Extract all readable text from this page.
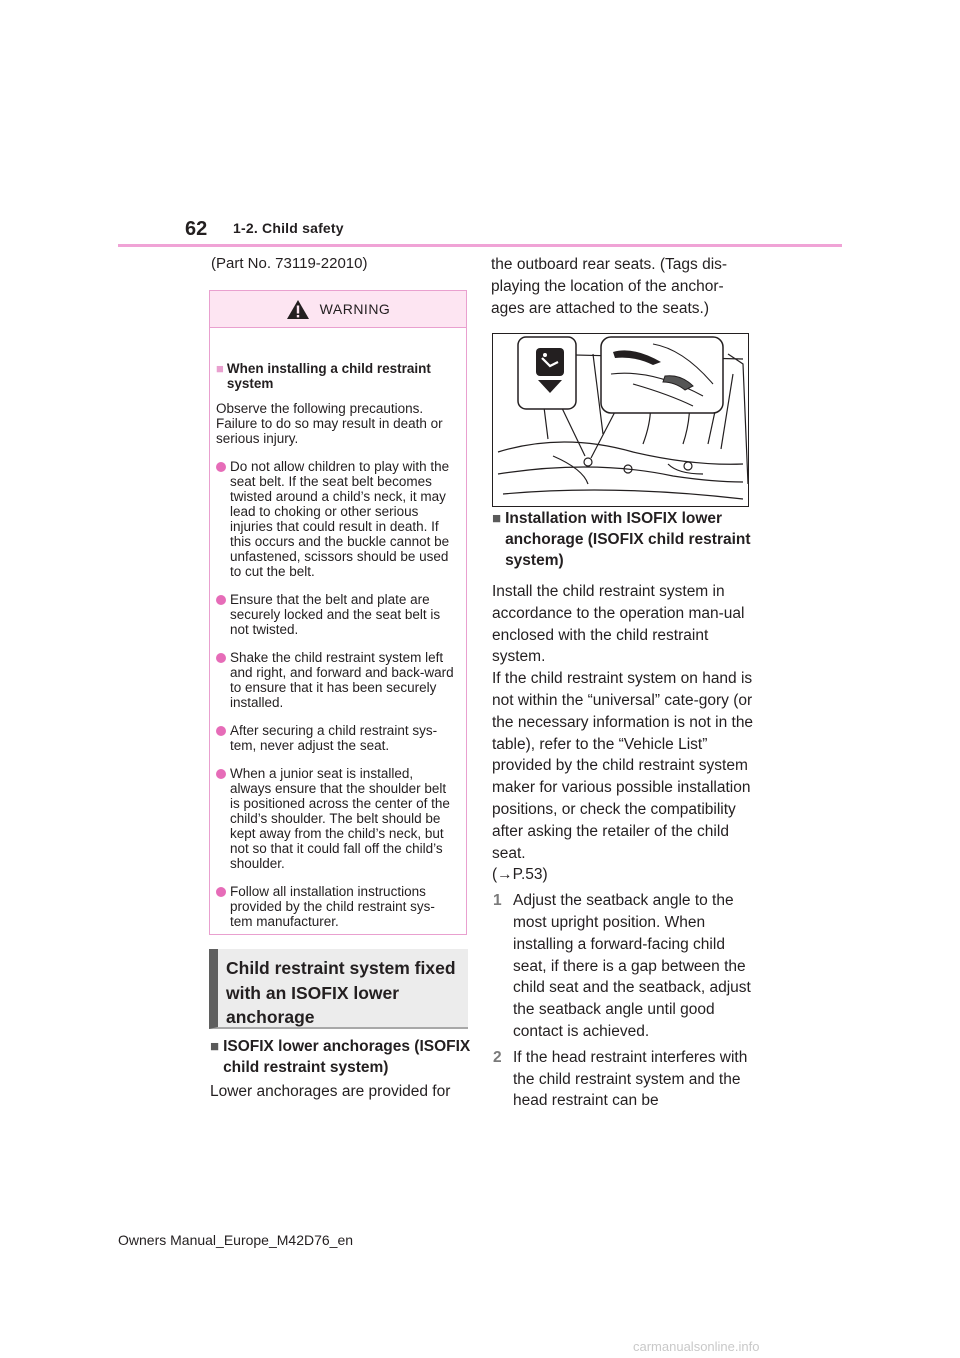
62 1-2. Child safety
(Part No. 73119-22010)
WARNING
■ When installing a child restraint system
Observe the following precautions. Failure to do so may result in death or serious injury.
Do not allow children to play with the seat belt. If the seat belt becomes twisted around a child’s neck, it may lead to choking or other serious injuries that could result in death. If this occurs and the buckle cannot be unfastened, scissors should be used to cut the belt.
Ensure that the belt and plate are securely locked and the seat belt is not twisted.
Shake the child restraint system left and right, and forward and back-ward to ensure that it has been securely installed.
After securing a child restraint sys-tem, never adjust the seat.
When a junior seat is installed, always ensure that the shoulder belt is positioned across the center of the child’s shoulder. The belt should be kept away from the child’s neck, but not so that it could fall off the child’s shoulder.
Follow all installation instructions provided by the child restraint sys-tem manufacturer.
Child restraint system fixed with an ISOFIX lower anchorage
■ ISOFIX lower anchorages (ISOFIX child restraint system)
Lower anchorages are provided for
the outboard rear seats. (Tags dis-playing the location of the anchor-ages are attached to the seats.)
■ Installation with ISOFIX lower anchorage (ISOFIX child restraint system)
Install the child restraint system in accordance to the operation man-ual enclosed with the child restraint system.
If the child restraint system on hand is not within the “universal” cate-gory (or the necessary information is not in the table), refer to the “Vehicle List” provided by the child restraint system maker for various possible installation positions, or check the compatibility after asking the retailer of the child seat.
(→P.53)
1 Adjust the seatback angle to the most upright position. When installing a forward-facing child seat, if there is a gap between the child seat and the seatback, adjust the seatback angle until good contact is achieved.
2 If the head restraint interferes with the child restraint system and the head restraint can be
Owners Manual_Europe_M42D76_en
carmanualsonline.info
